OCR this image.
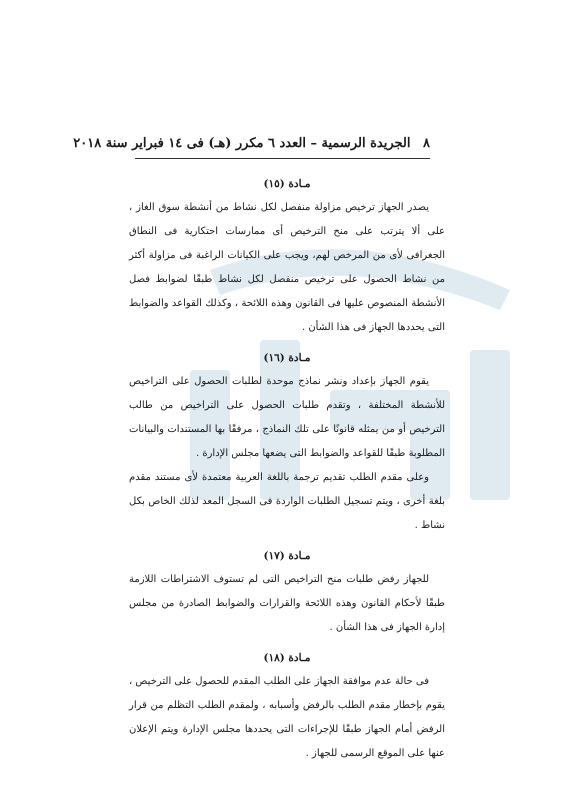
٨ الجريدة الرسمية – العدد ٦ مكرر (هـ) فى ١٤ فبراير سنة ٢٠١٨

مـادة (١٥)

يصدر الجهاز ترخيص مزاولة منفصل لكل نشاط من أنشطة سوق الغاز ، على ألا يترتب على منح الترخيص أى ممارسات احتكارية فى النطاق الجغرافى لأى من المرخص لهم، ويجب على الكيانات الراغبة فى مزاولة أكثر من نشاط الحصول على ترخيص منفصل لكل نشاط طبقًا لضوابط فصل الأنشطة المنصوص عليها فى القانون وهذه اللائحة ، وكذلك القواعد والضوابط التى يحددها الجهاز فى هذا الشأن .

مـادة (١٦)

يقوم الجهاز بإعداد ونشر نماذج موحدة لطلبات الحصول على التراخيص للأنشطة المختلفة ، وتقدم طلبات الحصول على التراخيص من طالب الترخيص أو من يمثله قانونًا على تلك النماذج ، مرفقًا بها المستندات والبيانات المطلوبة طبقًا للقواعد والضوابط التى يضعها مجلس الإدارة .

وعلى مقدم الطلب تقديم ترجمة باللغة العربية معتمدة لأى مستند مقدم بلغة أخرى ، ويتم تسجيل الطلبات الواردة فى السجل المعد لذلك الخاص بكل نشاط .

مـادة (١٧)

للجهاز رفض طلبات منح التراخيص التى لم تستوف الاشتراطات اللازمة طبقًا لأحكام القانون وهذه اللائحة والقرارات والضوابط الصادرة من مجلس إدارة الجهاز فى هذا الشأن .

مـادة (١٨)

فى حالة عدم موافقة الجهاز على الطلب المقدم للحصول على الترخيص ، يقوم بإخطار مقدم الطلب بالرفض وأسبابه ، ولمقدم الطلب التظلم من قرار الرفض أمام الجهاز طبقًا للإجراءات التى يحددها مجلس الإدارة ويتم الإعلان عنها على الموقع الرسمى للجهاز .
